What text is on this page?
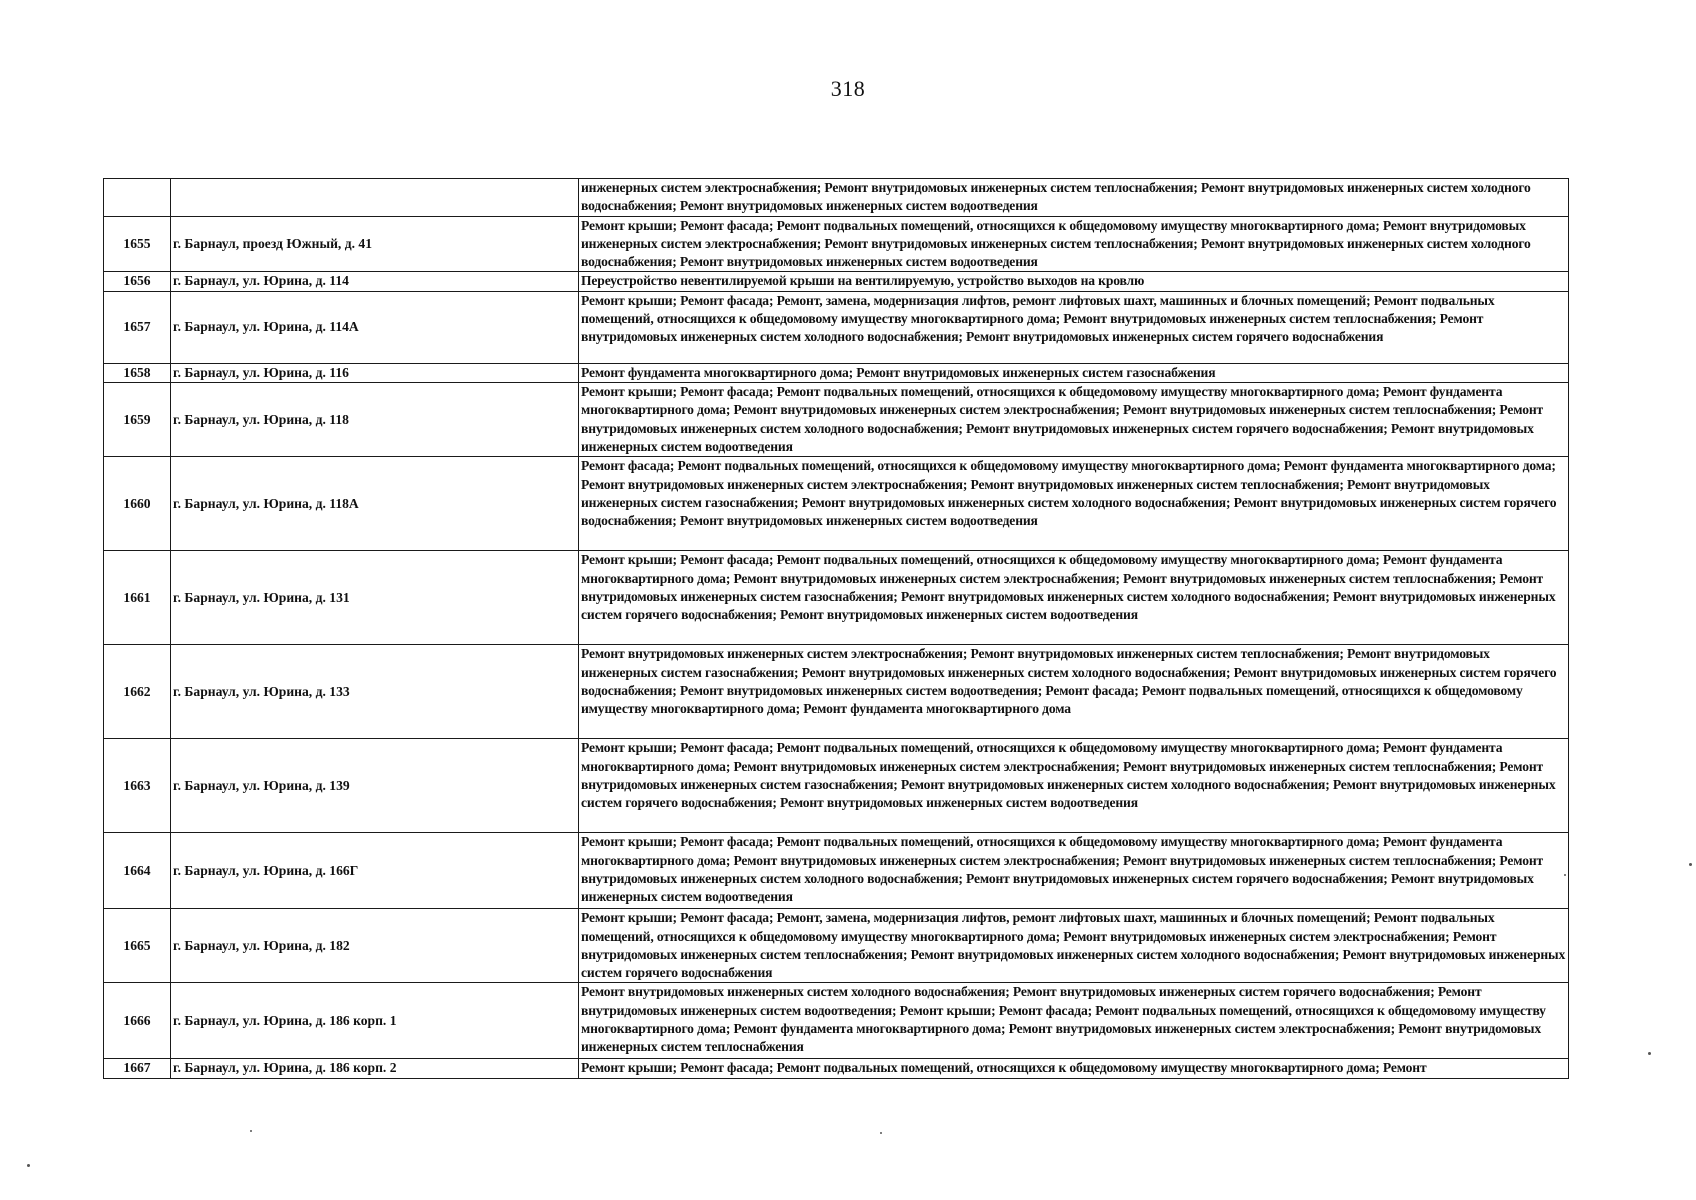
318
		инженерных систем электроснабжения; Ремонт внутридомовых инженерных систем теплоснабжения; Ремонт внутридомовых инженерных систем холодного водоснабжения; Ремонт внутридомовых инженерных систем водоотведения
1655	г. Барнаул, проезд Южный, д. 41	Ремонт крыши; Ремонт фасада; Ремонт подвальных помещений, относящихся к общедомовому имуществу многоквартирного дома; Ремонт внутридомовых инженерных систем электроснабжения; Ремонт внутридомовых инженерных систем теплоснабжения; Ремонт внутридомовых инженерных систем холодного водоснабжения; Ремонт внутридомовых инженерных систем водоотведения
1656	г. Барнаул, ул. Юрина, д. 114	Переустройство невентилируемой крыши на вентилируемую, устройство выходов на кровлю
1657	г. Барнаул, ул. Юрина, д. 114А	Ремонт крыши; Ремонт фасада; Ремонт, замена, модернизация лифтов, ремонт лифтовых шахт, машинных и блочных помещений; Ремонт подвальных помещений, относящихся к общедомовому имуществу многоквартирного дома; Ремонт внутридомовых инженерных систем теплоснабжения; Ремонт внутридомовых инженерных систем холодного водоснабжения; Ремонт внутридомовых инженерных систем горячего водоснабжения
1658	г. Барнаул, ул. Юрина, д. 116	Ремонт фундамента многоквартирного дома; Ремонт внутридомовых инженерных систем газоснабжения
1659	г. Барнаул, ул. Юрина, д. 118	Ремонт крыши; Ремонт фасада; Ремонт подвальных помещений, относящихся к общедомовому имуществу многоквартирного дома; Ремонт фундамента многоквартирного дома; Ремонт внутридомовых инженерных систем электроснабжения; Ремонт внутридомовых инженерных систем теплоснабжения; Ремонт внутридомовых инженерных систем холодного водоснабжения; Ремонт внутридомовых инженерных систем горячего водоснабжения; Ремонт внутридомовых инженерных систем водоотведения
1660	г. Барнаул, ул. Юрина, д. 118А	Ремонт фасада; Ремонт подвальных помещений, относящихся к общедомовому имуществу многоквартирного дома; Ремонт фундамента многоквартирного дома; Ремонт внутридомовых инженерных систем электроснабжения; Ремонт внутридомовых инженерных систем теплоснабжения; Ремонт внутридомовых инженерных систем газоснабжения; Ремонт внутридомовых инженерных систем холодного водоснабжения; Ремонт внутридомовых инженерных систем горячего водоснабжения; Ремонт внутридомовых инженерных систем водоотведения
1661	г. Барнаул, ул. Юрина, д. 131	Ремонт крыши; Ремонт фасада; Ремонт подвальных помещений, относящихся к общедомовому имуществу многоквартирного дома; Ремонт фундамента многоквартирного дома; Ремонт внутридомовых инженерных систем электроснабжения; Ремонт внутридомовых инженерных систем теплоснабжения; Ремонт внутридомовых инженерных систем газоснабжения; Ремонт внутридомовых инженерных систем холодного водоснабжения; Ремонт внутридомовых инженерных систем горячего водоснабжения; Ремонт внутридомовых инженерных систем водоотведения
1662	г. Барнаул, ул. Юрина, д. 133	Ремонт внутридомовых инженерных систем электроснабжения; Ремонт внутридомовых инженерных систем теплоснабжения; Ремонт внутридомовых инженерных систем газоснабжения; Ремонт внутридомовых инженерных систем холодного водоснабжения; Ремонт внутридомовых инженерных систем горячего водоснабжения; Ремонт внутридомовых инженерных систем водоотведения; Ремонт фасада; Ремонт подвальных помещений, относящихся к общедомовому имуществу многоквартирного дома; Ремонт фундамента многоквартирного дома
1663	г. Барнаул, ул. Юрина, д. 139	Ремонт крыши; Ремонт фасада; Ремонт подвальных помещений, относящихся к общедомовому имуществу многоквартирного дома; Ремонт фундамента многоквартирного дома; Ремонт внутридомовых инженерных систем электроснабжения; Ремонт внутридомовых инженерных систем теплоснабжения; Ремонт внутридомовых инженерных систем газоснабжения; Ремонт внутридомовых инженерных систем холодного водоснабжения; Ремонт внутридомовых инженерных систем горячего водоснабжения; Ремонт внутридомовых инженерных систем водоотведения
1664	г. Барнаул, ул. Юрина, д. 166Г	Ремонт крыши; Ремонт фасада; Ремонт подвальных помещений, относящихся к общедомовому имуществу многоквартирного дома; Ремонт фундамента многоквартирного дома; Ремонт внутридомовых инженерных систем электроснабжения; Ремонт внутридомовых инженерных систем теплоснабжения; Ремонт внутридомовых инженерных систем холодного водоснабжения; Ремонт внутридомовых инженерных систем горячего водоснабжения; Ремонт внутридомовых инженерных систем водоотведения
1665	г. Барнаул, ул. Юрина, д. 182	Ремонт крыши; Ремонт фасада; Ремонт, замена, модернизация лифтов, ремонт лифтовых шахт, машинных и блочных помещений; Ремонт подвальных помещений, относящихся к общедомовому имуществу многоквартирного дома; Ремонт внутридомовых инженерных систем электроснабжения; Ремонт внутридомовых инженерных систем теплоснабжения; Ремонт внутридомовых инженерных систем холодного водоснабжения; Ремонт внутридомовых инженерных систем горячего водоснабжения
1666	г. Барнаул, ул. Юрина, д. 186 корп. 1	Ремонт внутридомовых инженерных систем холодного водоснабжения; Ремонт внутридомовых инженерных систем горячего водоснабжения; Ремонт внутридомовых инженерных систем водоотведения; Ремонт крыши; Ремонт фасада; Ремонт подвальных помещений, относящихся к общедомовому имуществу многоквартирного дома; Ремонт фундамента многоквартирного дома; Ремонт внутридомовых инженерных систем электроснабжения; Ремонт внутридомовых инженерных систем теплоснабжения
1667	г. Барнаул, ул. Юрина, д. 186 корп. 2	Ремонт крыши; Ремонт фасада; Ремонт подвальных помещений, относящихся к общедомовому имуществу многоквартирного дома; Ремонт
